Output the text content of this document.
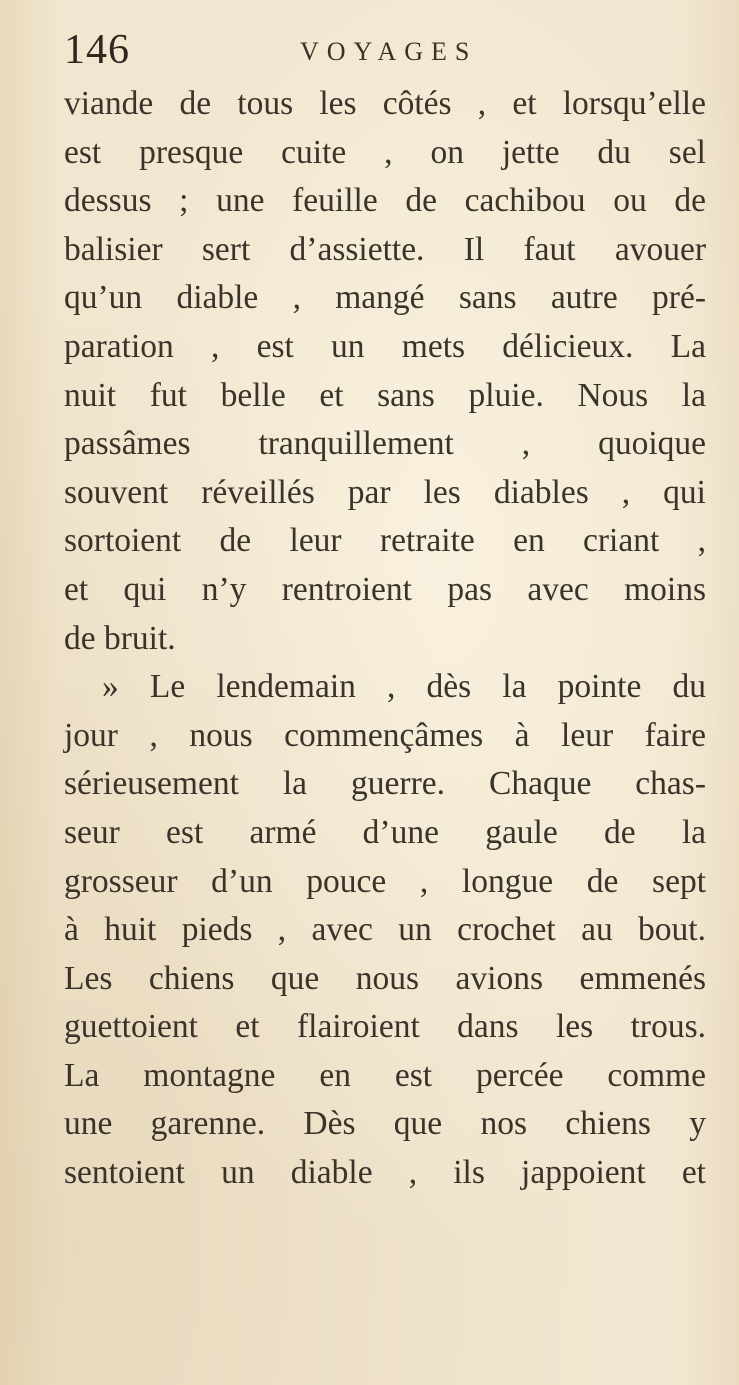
146	VOYAGES
viande de tous les côtés , et lorsqu’elle
est presque cuite , on jette du sel
dessus ; une feuille de cachibou ou de
balisier sert d’assiette. Il faut avouer
qu’un diable , mangé sans autre pré-
paration , est un mets délicieux. La
nuit fut belle et sans pluie. Nous la
passâmes tranquillement , quoique
souvent réveillés par les diables , qui
sortoient de leur retraite en criant ,
et qui n’y rentroient pas avec moins
de bruit.
» Le lendemain , dès la pointe du
jour , nous commençâmes à leur faire
sérieusement la guerre. Chaque chas-
seur est armé d’une gaule de la
grosseur d’un pouce , longue de sept
à huit pieds , avec un crochet au bout.
Les chiens que nous avions emmenés
guettoient et flairoient dans les trous.
La montagne en est percée comme
une garenne. Dès que nos chiens y
sentoient un diable , ils jappoient et
